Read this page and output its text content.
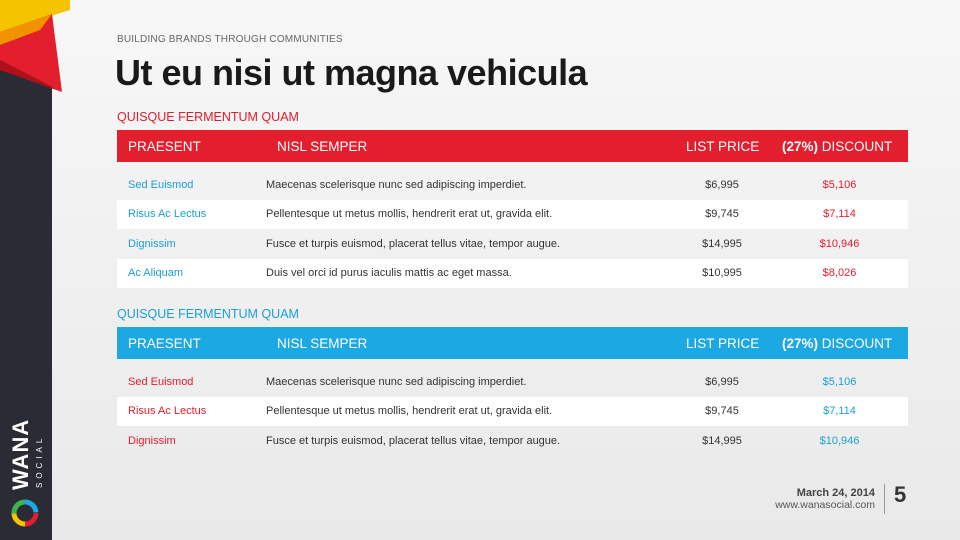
WANA SOCIAL
BUILDING BRANDS THROUGH COMMUNITIES
Ut eu nisi ut magna vehicula
QUISQUE FERMENTUM QUAM
PRAESENT	NISL SEMPER	LIST PRICE	(27%) DISCOUNT

Sed Euismod	Maecenas scelerisque nunc sed adipiscing imperdiet.	$6,995	$5,106
Risus Ac Lectus	Pellentesque ut metus mollis, hendrerit erat ut, gravida elit.	$9,745	$7,114
Dignissim	Fusce et turpis euismod, placerat tellus vitae, tempor augue.	$14,995	$10,946
Ac Aliquam	Duis vel orci id purus iaculis mattis ac eget massa.	$10,995	$8,026
QUISQUE FERMENTUM QUAM
PRAESENT	NISL SEMPER	LIST PRICE	(27%) DISCOUNT

Sed Euismod	Maecenas scelerisque nunc sed adipiscing imperdiet.	$6,995	$5,106
Risus Ac Lectus	Pellentesque ut metus mollis, hendrerit erat ut, gravida elit.	$9,745	$7,114
Dignissim	Fusce et turpis euismod, placerat tellus vitae, tempor augue.	$14,995	$10,946
March 24, 2014
www.wanasocial.com 5
